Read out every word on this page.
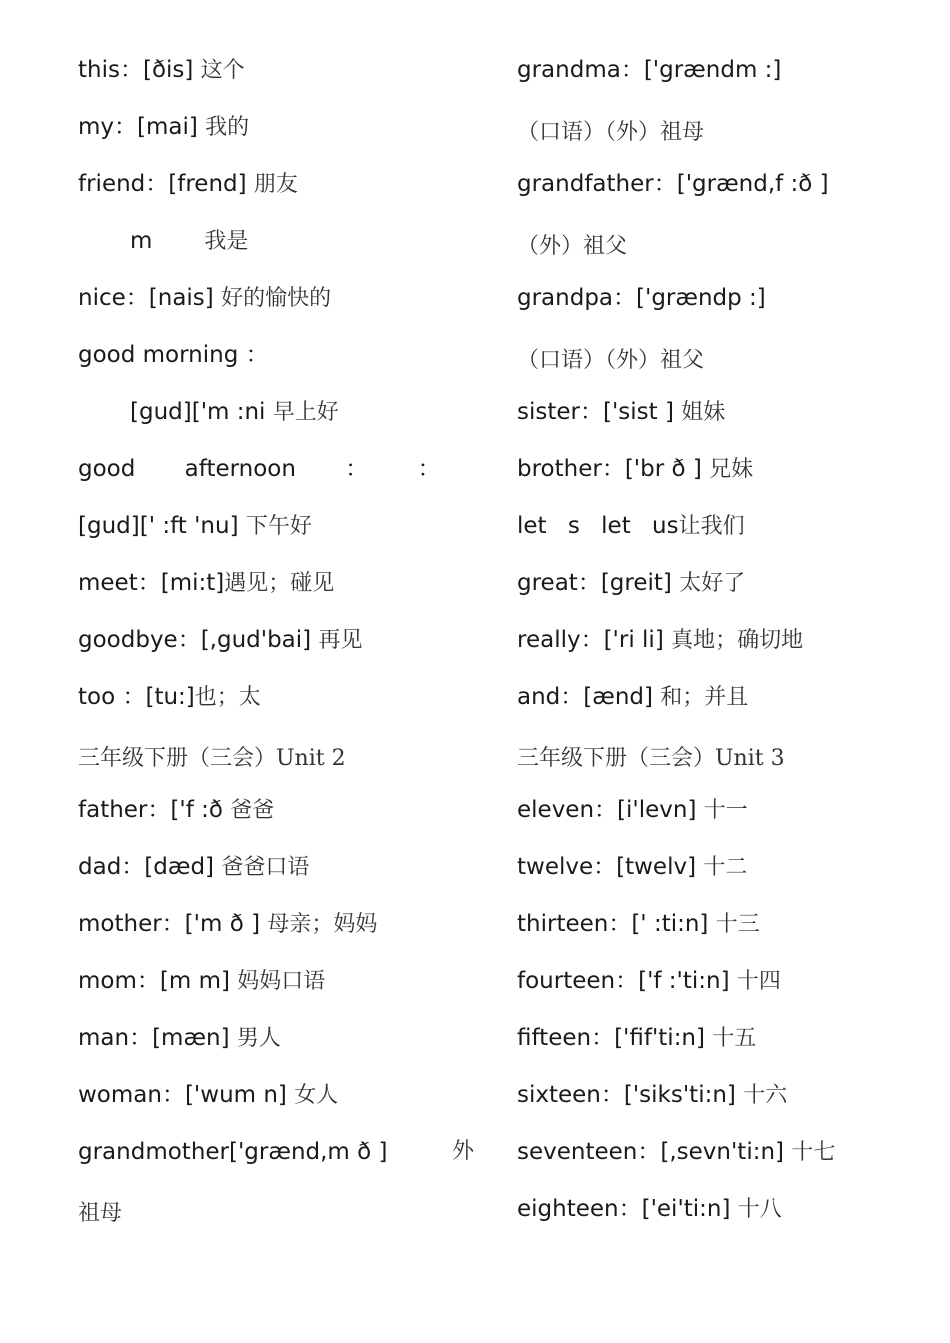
this：[ðis] 这个
my：[mai] 我的
friend：[frend] 朋友
m 我是
nice：[nais] 好的愉快的
good morning ：
[gud]['m :ni 早上好
good afternoon ： ：
[gud][' :ft 'nu] 下午好
meet：[mi:t]遇见；碰见
goodbye：[,gud'bai] 再见
too ：[tu:]也；太
三年级下册（三会）Unit 2
father：['f :ð 爸爸
dad：[dæd] 爸爸口语
mother：['m ð ] 母亲；妈妈
mom：[m m] 妈妈口语
man：[mæn] 男人
woman：['wum n] 女人
grandmother['grænd,m ð ]	外
祖母
grandma：['grændm :]
（口语）（外）祖母
grandfather：['grænd,f :ð ]
（外）祖父
grandpa：['grændp :]
（口语）（外）祖父
sister：['sist ] 姐妹
brother：['br ð ] 兄妹
let s let us让我们
great：[greit] 太好了
really：['ri li] 真地；确切地
and：[ænd] 和；并且
三年级下册（三会）Unit 3
eleven：[i'levn] 十一
twelve：[twelv] 十二
thirteen：[' :ti:n] 十三
fourteen：['f :'ti:n] 十四
fifteen：['fif'ti:n] 十五
sixteen：['siks'ti:n] 十六
seventeen：[,sevn'ti:n] 十七
eighteen：['ei'ti:n] 十八
